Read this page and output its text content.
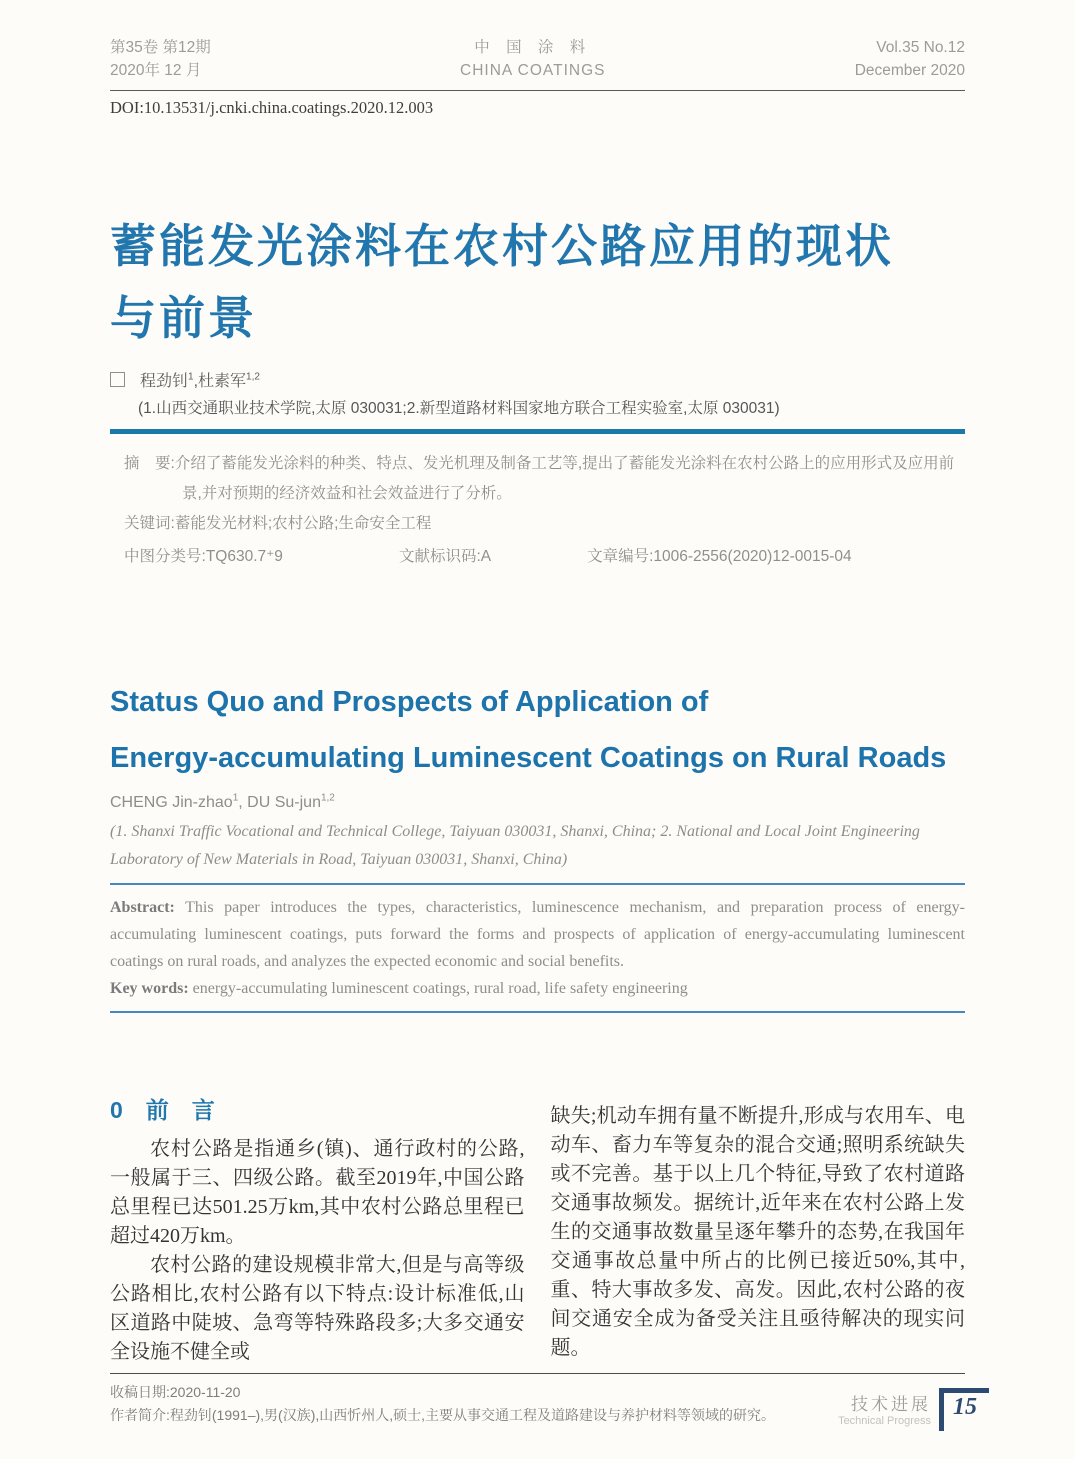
第35卷 第12期
2020年 12 月
中 国 涂 料
CHINA COATINGS
Vol.35 No.12
December 2020
DOI:10.13531/j.cnki.china.coatings.2020.12.003
蓄能发光涂料在农村公路应用的现状与前景
程劲钊$^1$,杜素军$^{1,2}$
(1.山西交通职业技术学院,太原 030031;2.新型道路材料国家地方联合工程实验室,太原 030031)

摘　要:介绍了蓄能发光涂料的种类、特点、发光机理及制备工艺等,提出了蓄能发光涂料在农村公路上的应用形式及应用前景,并对预期的经济效益和社会效益进行了分析。

关键词:蓄能发光材料;农村公路;生命安全工程

中图分类号:TQ630.7⁺9	文献标识码:A	文章编号:1006-2556(2020)12-0015-04
Status Quo and Prospects of Application of
Energy-accumulating Luminescent Coatings on Rural Roads
CHENG Jin-zhao$^1$, DU Su-jun$^{1,2}$
(1. Shanxi Traffic Vocational and Technical College, Taiyuan 030031, Shanxi, China; 2. National and Local Joint Engineering Laboratory of New Materials in Road, Taiyuan 030031, Shanxi, China)

Abstract: This paper introduces the types, characteristics, luminescence mechanism, and preparation process of energy-accumulating luminescent coatings, puts forward the forms and prospects of application of energy-accumulating luminescent coatings on rural roads, and analyzes the expected economic and social benefits.

Key words: energy-accumulating luminescent coatings, rural road, life safety engineering

0　前　言

农村公路是指通乡(镇)、通行政村的公路,一般属于三、四级公路。截至2019年,中国公路总里程已达501.25万km,其中农村公路总里程已超过420万km。

农村公路的建设规模非常大,但是与高等级公路相比,农村公路有以下特点:设计标准低,山区道路中陡坡、急弯等特殊路段多;大多交通安全设施不健全或

缺失;机动车拥有量不断提升,形成与农用车、电动车、畜力车等复杂的混合交通;照明系统缺失或不完善。基于以上几个特征,导致了农村道路交通事故频发。据统计,近年来在农村公路上发生的交通事故数量呈逐年攀升的态势,在我国年交通事故总量中所占的比例已接近50%,其中,重、特大事故多发、高发。因此,农村公路的夜间交通安全成为备受关注且亟待解决的现实问题。

收稿日期:2020-11-20

作者简介:程劲钊(1991–),男(汉族),山西忻州人,硕士,主要从事交通工程及道路建设与养护材料等领域的研究。

技术进展
Technical Progress
15
